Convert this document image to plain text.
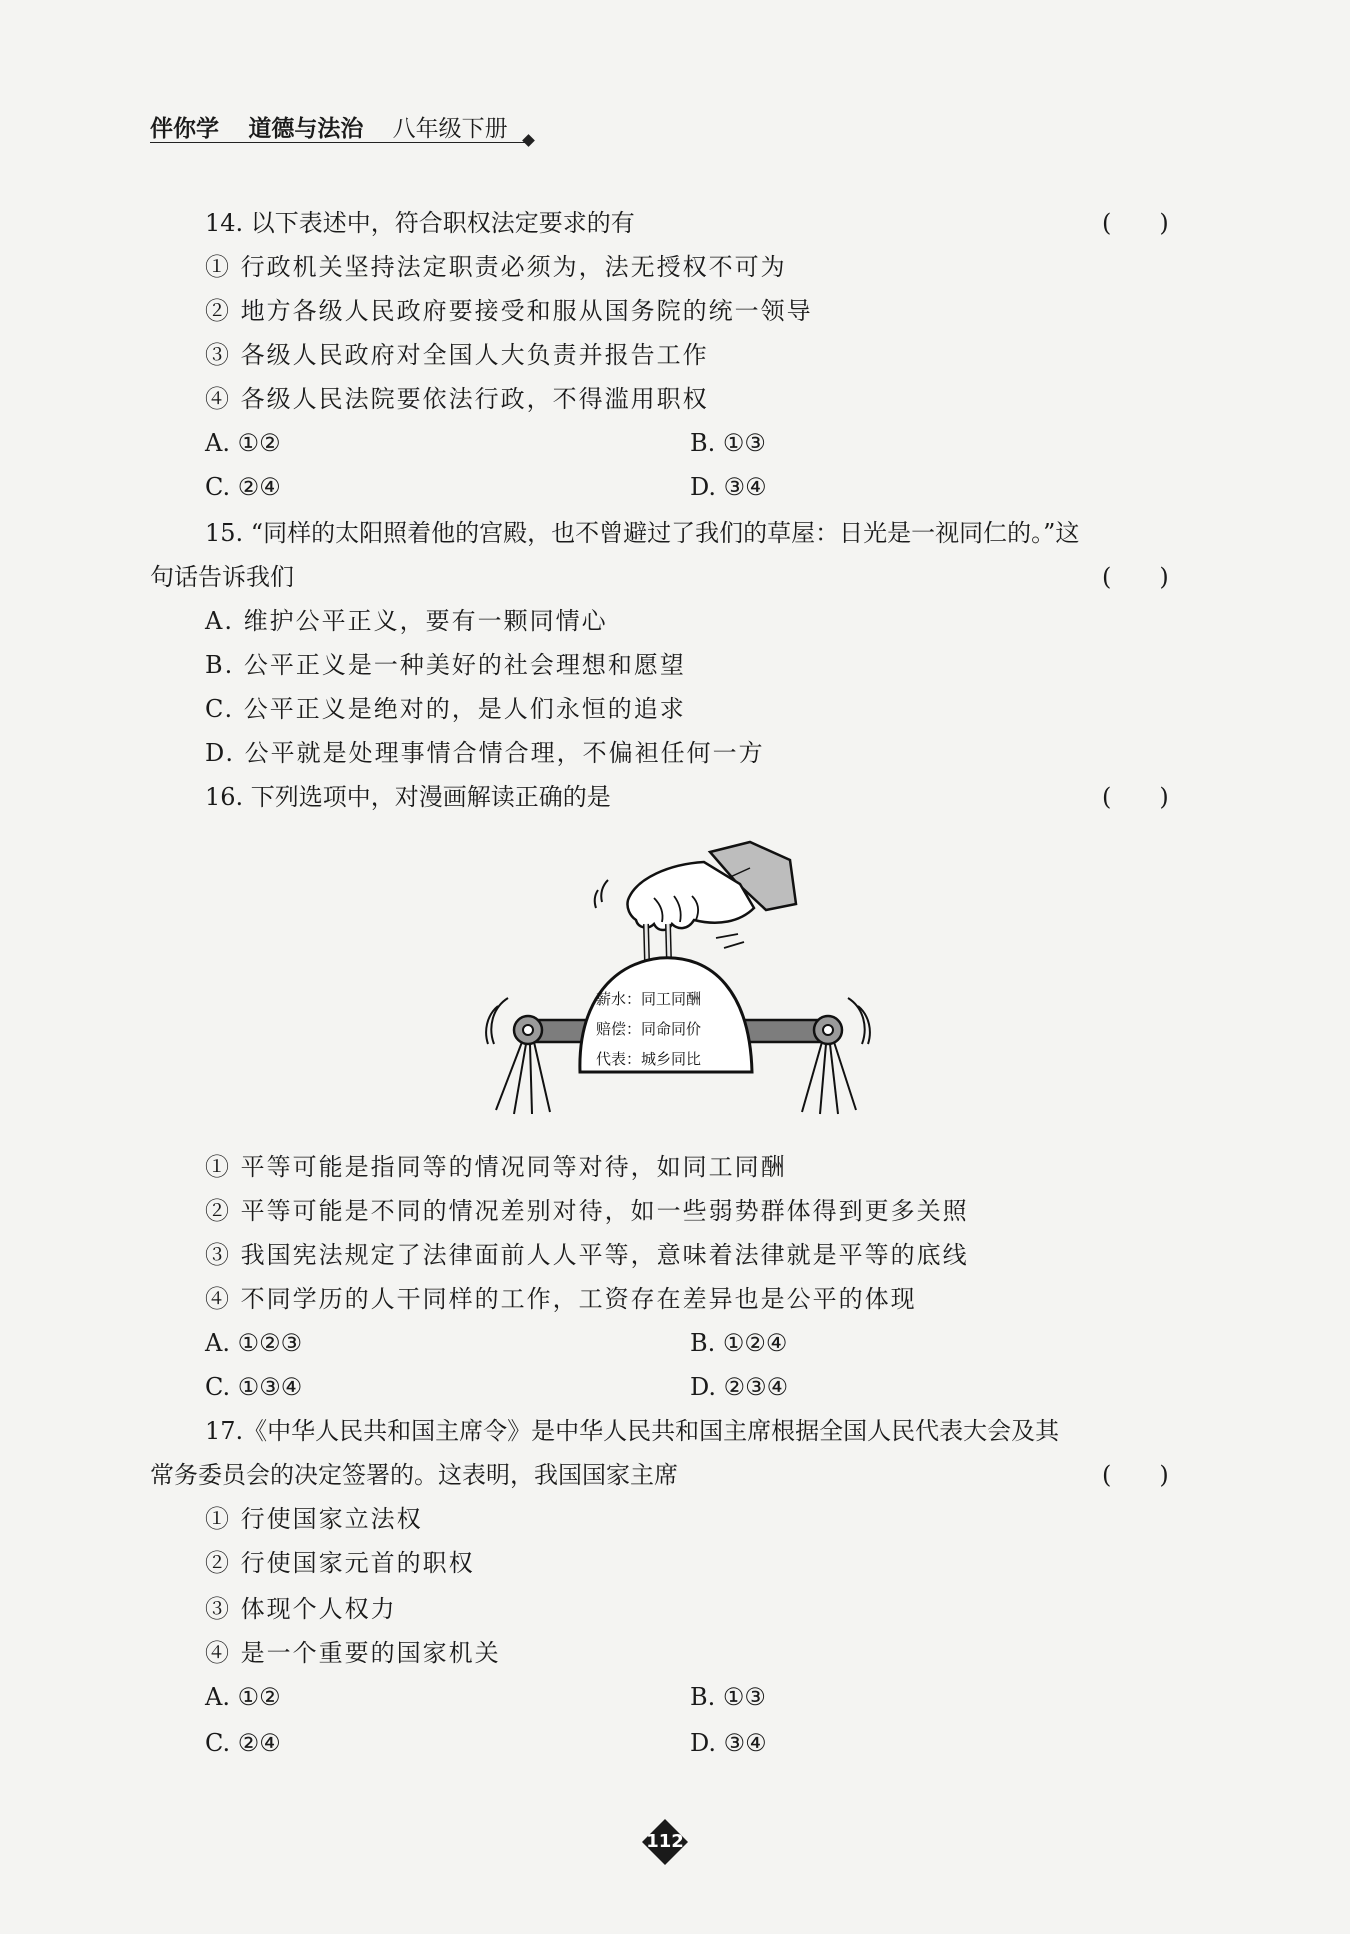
伴你学 道德与法治 八年级下册
14. 以下表述中，符合职权法定要求的有	(　　)
① 行政机关坚持法定职责必须为，法无授权不可为
② 地方各级人民政府要接受和服从国务院的统一领导
③ 各级人民政府对全国人大负责并报告工作
④ 各级人民法院要依法行政，不得滥用职权
A. ①②	B. ①③
C. ②④	D. ③④
15. “同样的太阳照着他的宫殿，也不曾避过了我们的草屋：日光是一视同仁的。”这
句话告诉我们	(　　)
A. 维护公平正义，要有一颗同情心
B. 公平正义是一种美好的社会理想和愿望
C. 公平正义是绝对的，是人们永恒的追求
D. 公平就是处理事情合情合理，不偏袒任何一方
16. 下列选项中，对漫画解读正确的是	(　　)
薪水：同工同酬
赔偿：同命同价
代表：城乡同比
① 平等可能是指同等的情况同等对待，如同工同酬
② 平等可能是不同的情况差别对待，如一些弱势群体得到更多关照
③ 我国宪法规定了法律面前人人平等，意味着法律就是平等的底线
④ 不同学历的人干同样的工作，工资存在差异也是公平的体现
A. ①②③	B. ①②④
C. ①③④	D. ②③④
17.《中华人民共和国主席令》是中华人民共和国主席根据全国人民代表大会及其
常务委员会的决定签署的。这表明，我国国家主席	(　　)
① 行使国家立法权
② 行使国家元首的职权
③ 体现个人权力
④ 是一个重要的国家机关
A. ①②	B. ①③
C. ②④	D. ③④
112
